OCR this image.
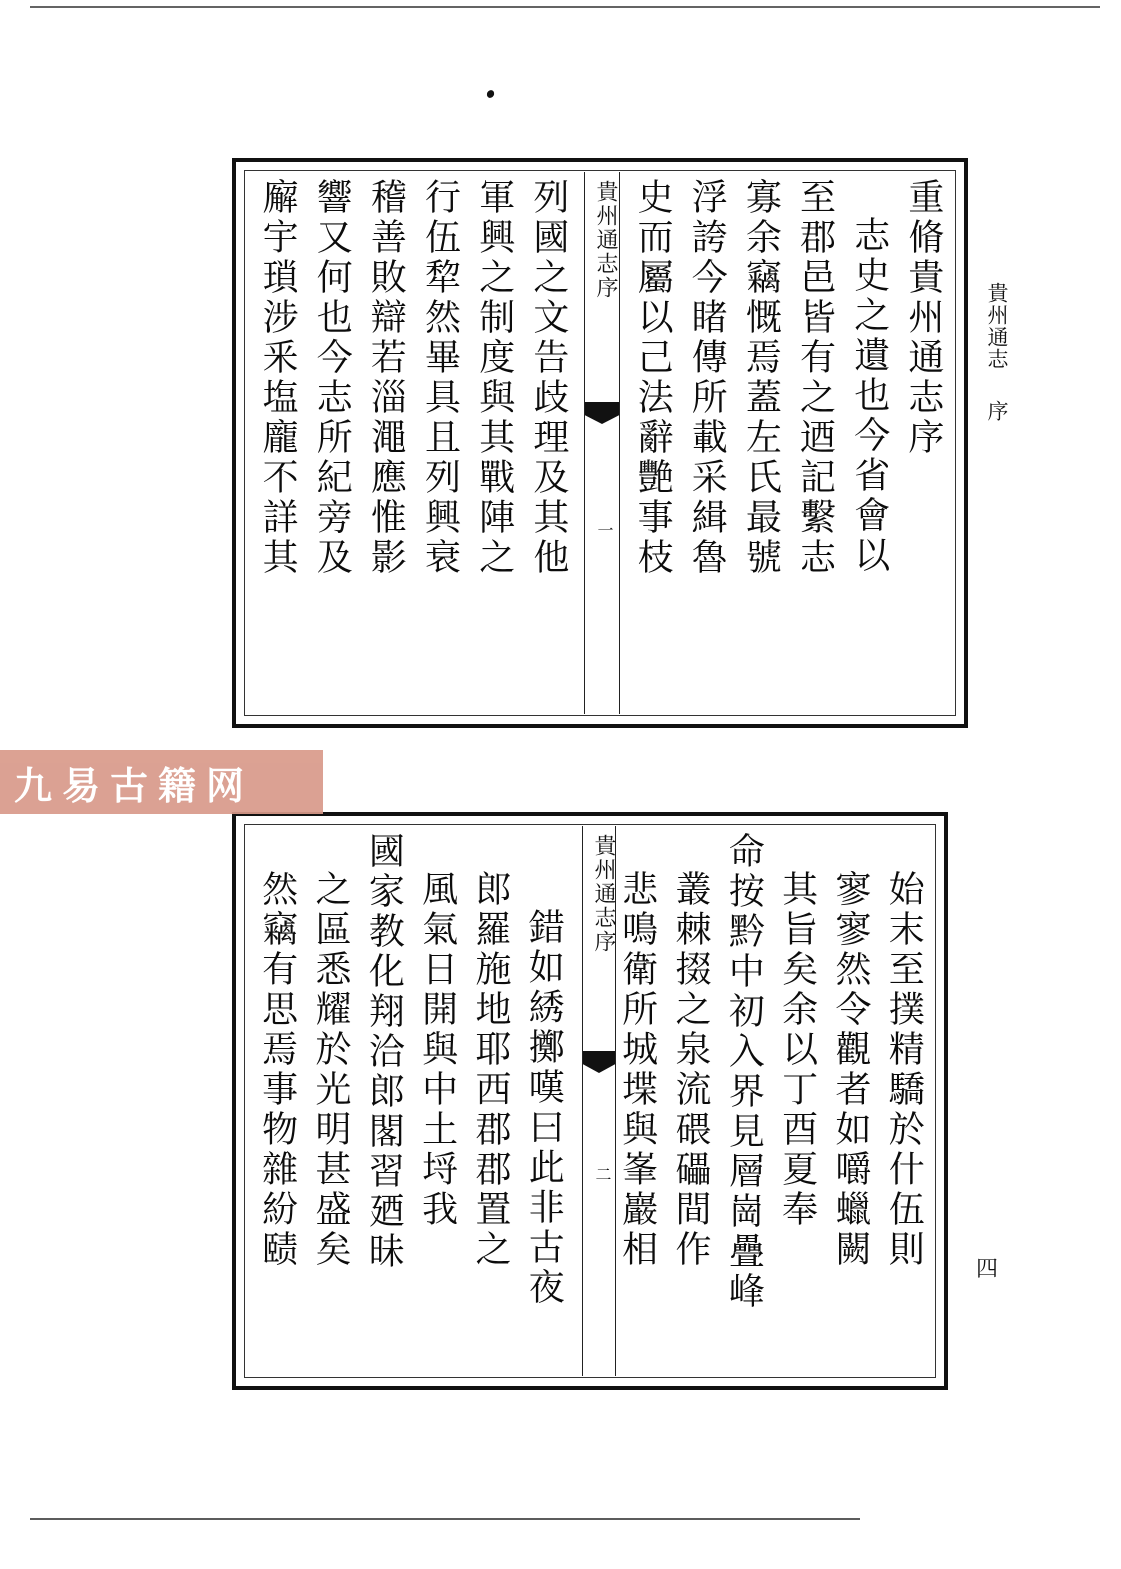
重脩貴州通志序
志史之遺也今省會以
至郡邑皆有之迺記繫志
寡余竊慨焉蓋左氏最號
浮誇今睹傳所載采緝魯
史而屬以己法辭艷事枝
貴州通志序
一
列國之文告歧理及其他
軍興之制度與其戰陣之
行伍犂然畢具且列興衰
稽善敗辯若淄澠應惟影
響又何也今志所紀旁及
廨宇瑣涉釆塩龐不詳其
始末至撲精驕於什伍則
寥寥然令觀者如嚼蠟闕
其旨矣余以丁酉夏奉
命按黔中初入界見層崗疊峰
叢棘掇之泉流碨礧間作
悲鳴衛所城堞與峯巖相
貴州通志序
二
錯如綉擲嘆曰此非古夜
郎羅施地耶西郡郡置之
風氣日開與中土埒我
國家教化翔洽郎閣習廼昧
之區悉耀於光明甚盛矣
然竊有思焉事物雜紛赜
貴州通志序
四
九易古籍网
